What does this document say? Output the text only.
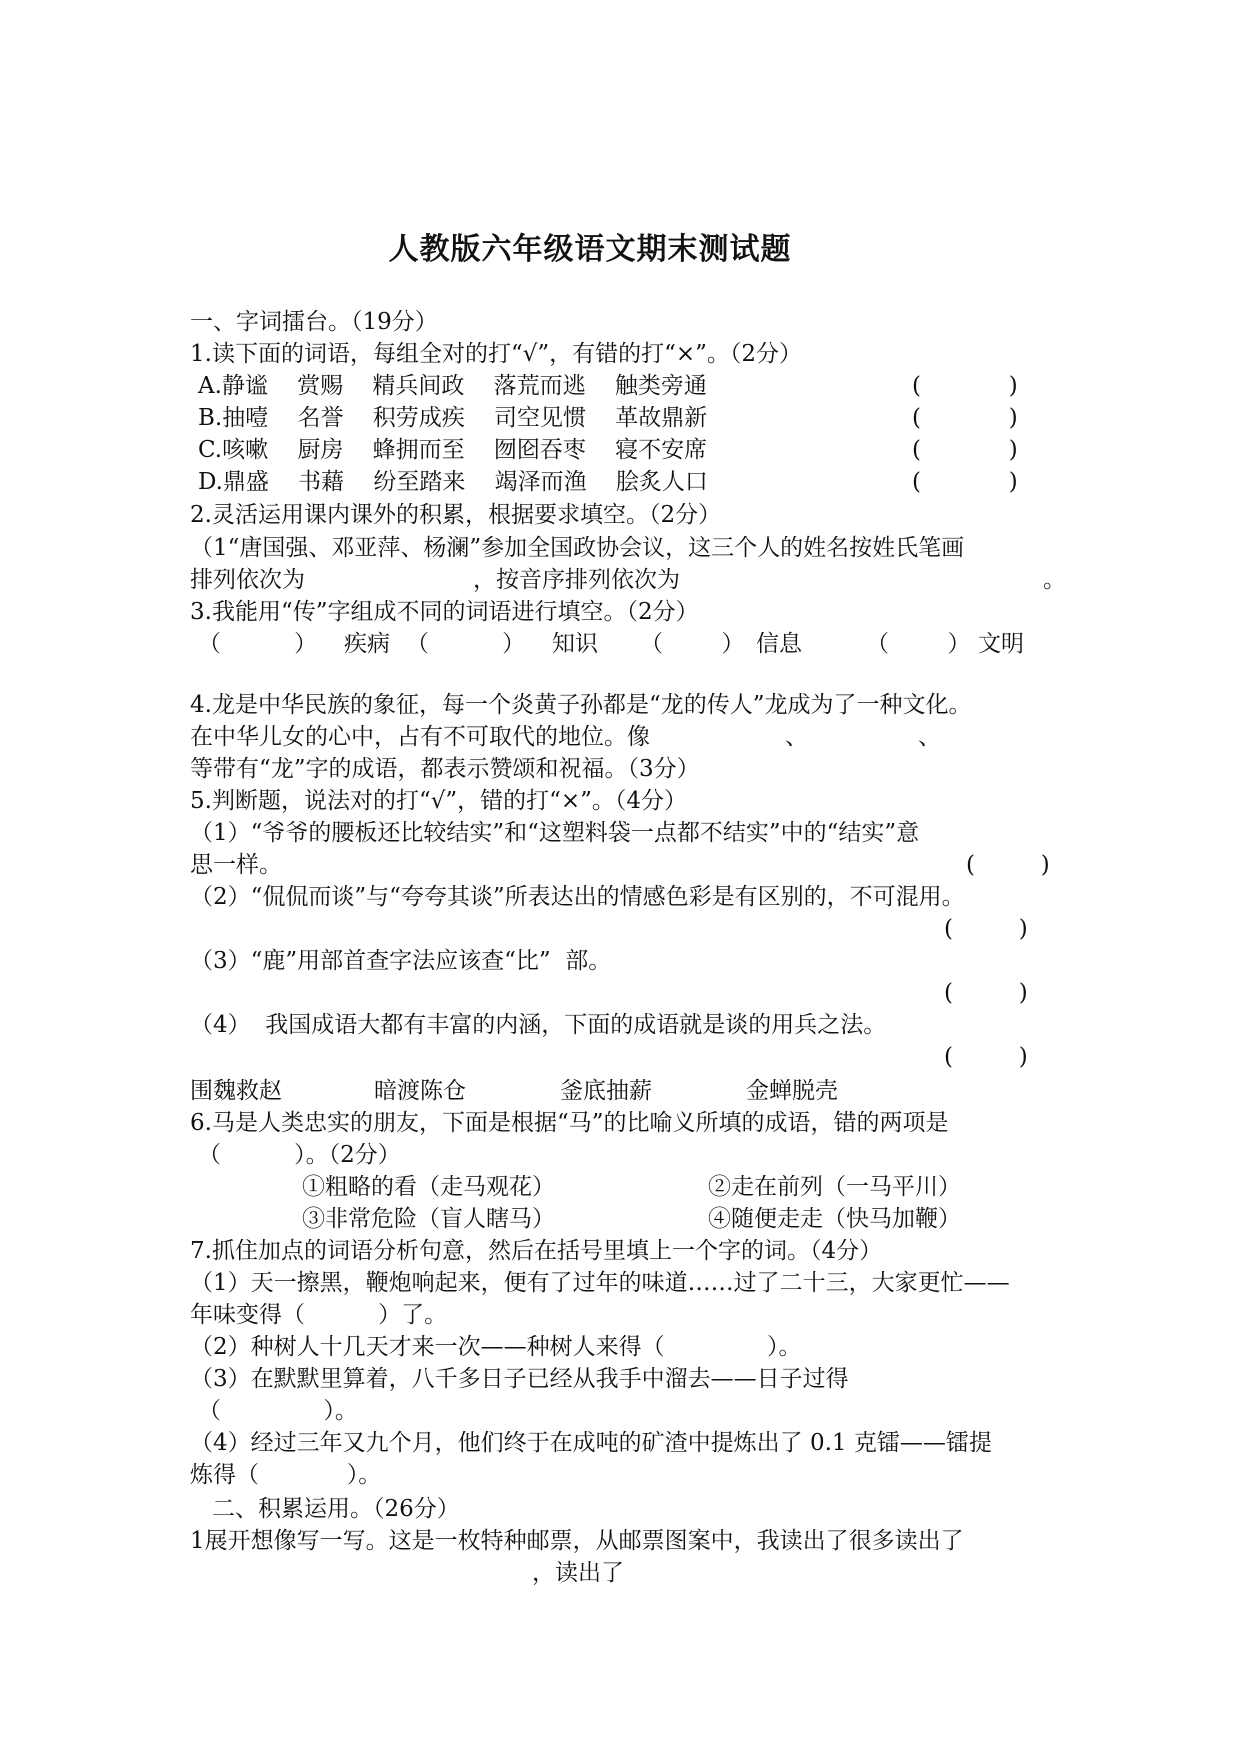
人教版六年级语文期末测试题
一、字词擂台。（19分）
1.读下面的词语，每组全对的打“√”，有错的打“×”。（2分）
A.静谧    赏赐    精兵间政    落荒而逃    触类旁通	(            )
B.抽噎    名誉    积劳成疾    司空见惯    革故鼎新	(            )
C.咳嗽    厨房    蜂拥而至    囫囵吞枣    寝不安席	(            )
D.鼎盛    书藉    纷至踏来    竭泽而渔    脍炙人口	(            )
2.灵活运用课内课外的积累，根据要求填空。（2分）
（1“唐国强、邓亚萍、杨澜”参加全国政协会议，这三个人的姓名按姓氏笔画
排列依次为	，按音序排列依次为	。
3.我能用“传”字组成不同的词语进行填空。（2分）
（          ） 疾病 （          ） 知识 （        ） 信息	（        ） 文明
4.龙是中华民族的象征，每一个炎黄子孙都是“龙的传人”龙成为了一种文化。
在中华儿女的心中，占有不可取代的地位。像	、	、
等带有“龙”字的成语，都表示赞颂和祝福。（3分）
5.判断题，说法对的打“√”，错的打“×”。（4分）
（1）“爷爷的腰板还比较结实”和“这塑料袋一点都不结实”中的“结实”意
思一样。	(         )
（2）“侃侃而谈”与“夸夸其谈”所表达出的情感色彩是有区别的，不可混用。
(         )
（3）“鹿”用部首查字法应该查“比”  部。
(         )
（4）  我国成语大都有丰富的内涵，下面的成语就是谈的用兵之法。
(         )
围魏救赵	暗渡陈仓	釜底抽薪	金蝉脱壳
6.马是人类忠实的朋友，下面是根据“马”的比喻义所填的成语，错的两项是
（          ）。（2分）
①粗略的看（走马观花）	②走在前列（一马平川）
③非常危险（盲人瞎马）	④随便走走（快马加鞭）
7.抓住加点的词语分析句意，然后在括号里填上一个字的词。（4分）
（1）天一擦黑，鞭炮响起来，便有了过年的味道……过了二十三，大家更忙——
年味变得（          ）了。
（2）种树人十几天才来一次——种树人来得（              ）。
（3）在默默里算着，八千多日子已经从我手中溜去——日子过得
（              ）。
（4）经过三年又九个月，他们终于在成吨的矿渣中提炼出了 0.1 克镭——镭提
炼得（            ）。
二、积累运用。（26分）
1展开想像写一写。这是一枚特种邮票，从邮票图案中，我读出了很多读出了
，读出了
